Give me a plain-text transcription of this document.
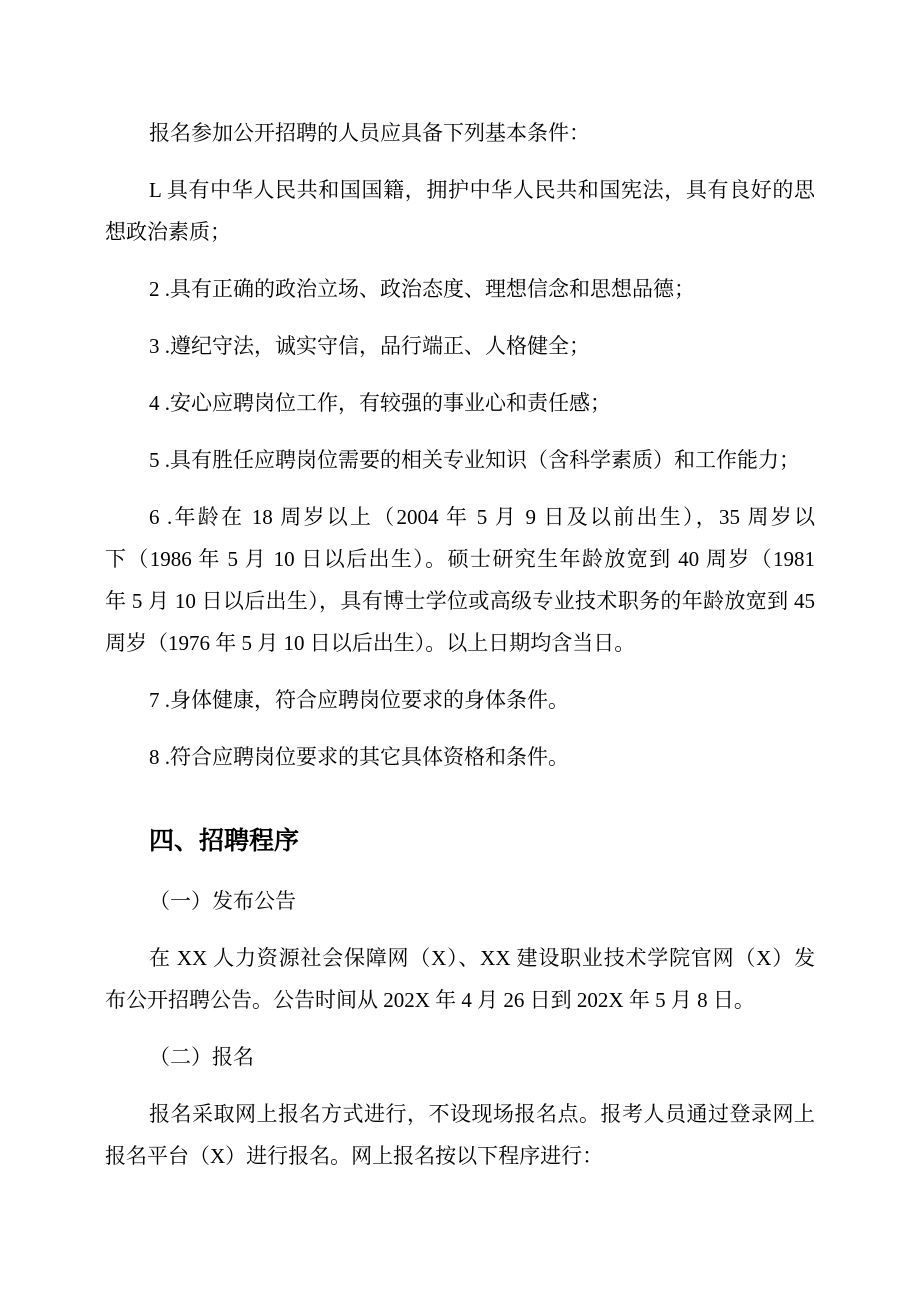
报名参加公开招聘的人员应具备下列基本条件：
L 具有中华人民共和国国籍，拥护中华人民共和国宪法，具有良好的思
想政治素质；
2 .具有正确的政治立场、政治态度、理想信念和思想品德；
3 .遵纪守法，诚实守信，品行端正、人格健全；
4 .安心应聘岗位工作，有较强的事业心和责任感；
5 .具有胜任应聘岗位需要的相关专业知识（含科学素质）和工作能力；
6 .年龄在 18 周岁以上（2004 年 5 月 9 日及以前出生），35 周岁以
下（1986 年 5 月 10 日以后出生）。硕士研究生年龄放宽到 40 周岁（1981
年 5 月 10 日以后出生），具有博士学位或高级专业技术职务的年龄放宽到 45
周岁（1976 年 5 月 10 日以后出生）。以上日期均含当日。
7 .身体健康，符合应聘岗位要求的身体条件。
8 .符合应聘岗位要求的其它具体资格和条件。
四、招聘程序
（一）发布公告
在 XX 人力资源社会保障网（X）、XX 建设职业技术学院官网（X）发
布公开招聘公告。公告时间从 202X 年 4 月 26 日到 202X 年 5 月 8 日。
（二）报名
报名采取网上报名方式进行，不设现场报名点。报考人员通过登录网上
报名平台（X）进行报名。网上报名按以下程序进行：
